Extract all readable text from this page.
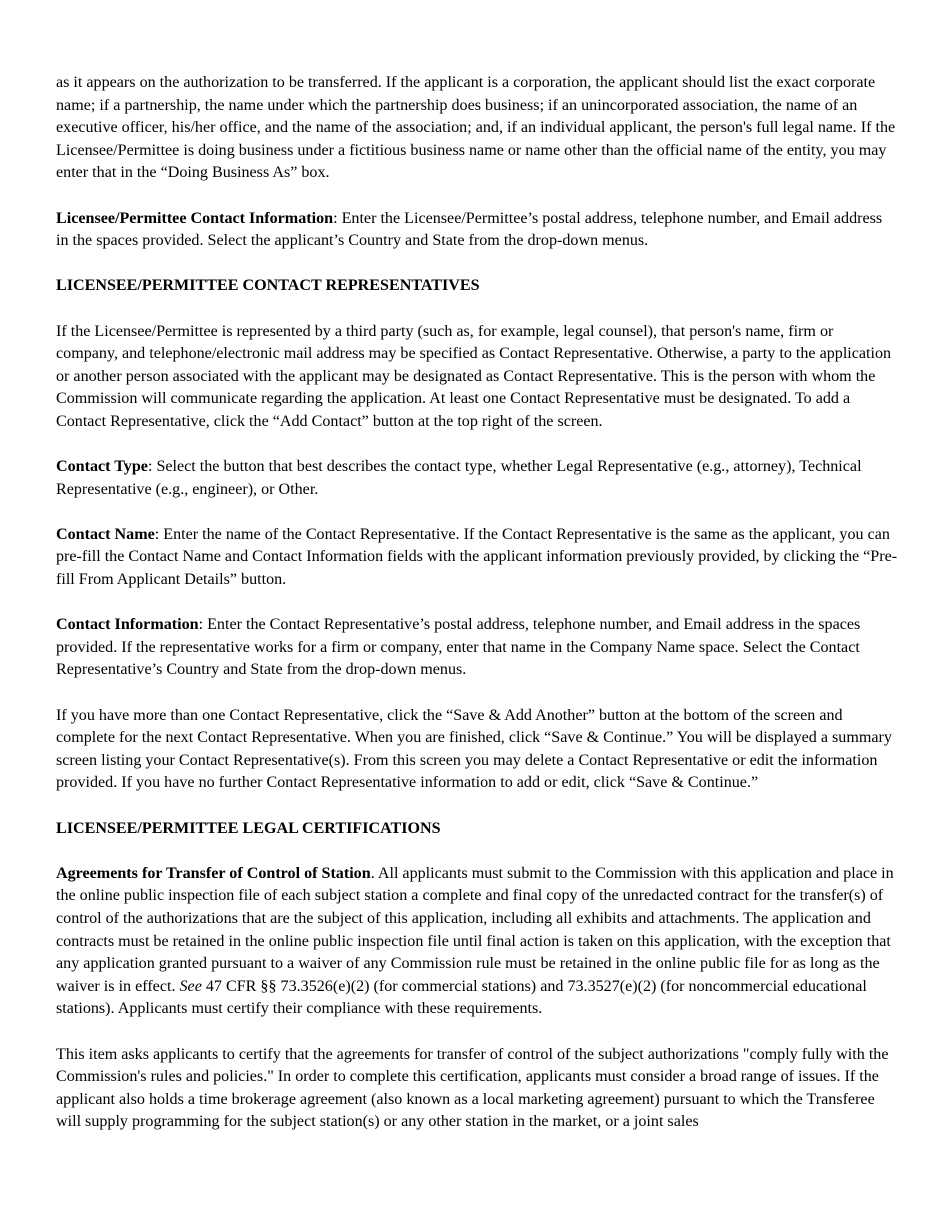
as it appears on the authorization to be transferred. If the applicant is a corporation, the applicant should list the exact corporate name; if a partnership, the name under which the partnership does business; if an unincorporated association, the name of an executive officer, his/her office, and the name of the association; and, if an individual applicant, the person's full legal name. If the Licensee/Permittee is doing business under a fictitious business name or name other than the official name of the entity, you may enter that in the “Doing Business As” box.

Licensee/Permittee Contact Information: Enter the Licensee/Permittee’s postal address, telephone number, and Email address in the spaces provided. Select the applicant’s Country and State from the drop-down menus.

LICENSEE/PERMITTEE CONTACT REPRESENTATIVES

If the Licensee/Permittee is represented by a third party (such as, for example, legal counsel), that person's name, firm or company, and telephone/electronic mail address may be specified as Contact Representative. Otherwise, a party to the application or another person associated with the applicant may be designated as Contact Representative. This is the person with whom the Commission will communicate regarding the application. At least one Contact Representative must be designated. To add a Contact Representative, click the “Add Contact” button at the top right of the screen.

Contact Type: Select the button that best describes the contact type, whether Legal Representative (e.g., attorney), Technical Representative (e.g., engineer), or Other.

Contact Name: Enter the name of the Contact Representative. If the Contact Representative is the same as the applicant, you can pre-fill the Contact Name and Contact Information fields with the applicant information previously provided, by clicking the “Pre-fill From Applicant Details” button.

Contact Information: Enter the Contact Representative’s postal address, telephone number, and Email address in the spaces provided. If the representative works for a firm or company, enter that name in the Company Name space. Select the Contact Representative’s Country and State from the drop-down menus.

If you have more than one Contact Representative, click the “Save & Add Another” button at the bottom of the screen and complete for the next Contact Representative. When you are finished, click “Save & Continue.” You will be displayed a summary screen listing your Contact Representative(s). From this screen you may delete a Contact Representative or edit the information provided. If you have no further Contact Representative information to add or edit, click “Save & Continue.”

LICENSEE/PERMITTEE LEGAL CERTIFICATIONS

Agreements for Transfer of Control of Station. All applicants must submit to the Commission with this application and place in the online public inspection file of each subject station a complete and final copy of the unredacted contract for the transfer(s) of control of the authorizations that are the subject of this application, including all exhibits and attachments. The application and contracts must be retained in the online public inspection file until final action is taken on this application, with the exception that any application granted pursuant to a waiver of any Commission rule must be retained in the online public file for as long as the waiver is in effect. See 47 CFR §§ 73.3526(e)(2) (for commercial stations) and 73.3527(e)(2) (for noncommercial educational stations). Applicants must certify their compliance with these requirements.

This item asks applicants to certify that the agreements for transfer of control of the subject authorizations "comply fully with the Commission's rules and policies." In order to complete this certification, applicants must consider a broad range of issues. If the applicant also holds a time brokerage agreement (also known as a local marketing agreement) pursuant to which the Transferee will supply programming for the subject station(s) or any other station in the market, or a joint sales
